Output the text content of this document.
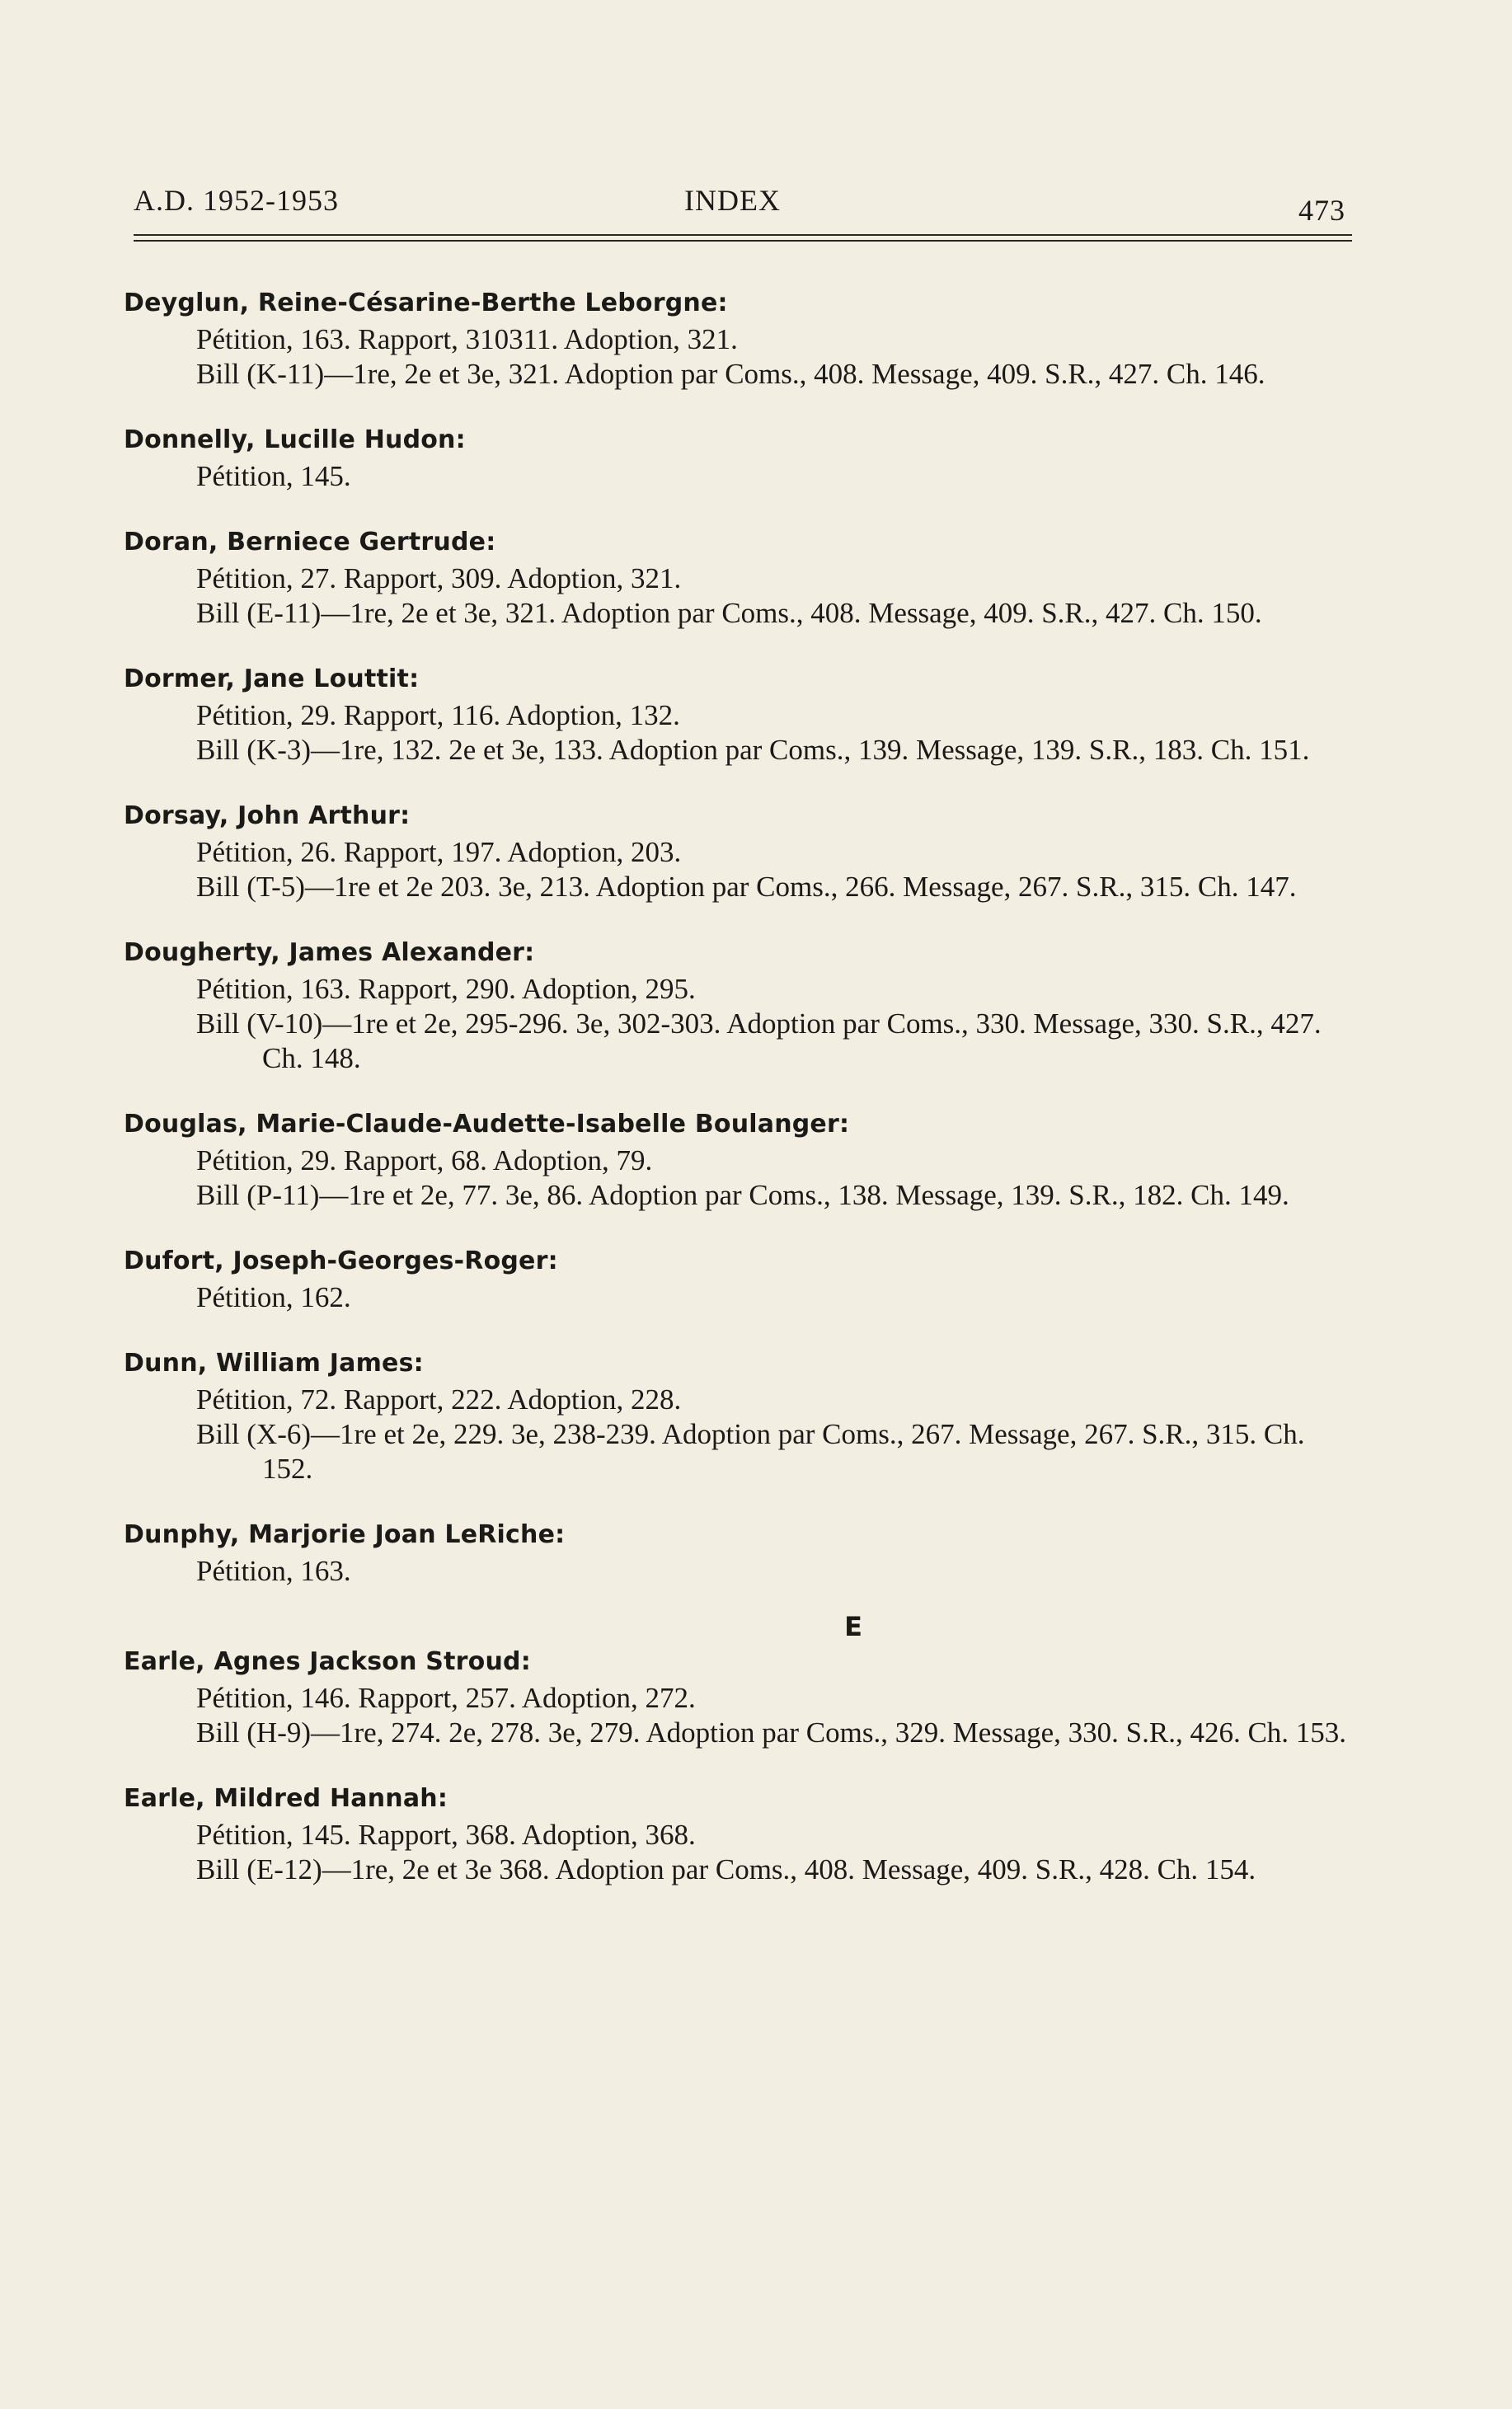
A.D. 1952-1953	INDEX	473
Deyglun, Reine-Césarine-Berthe Leborgne:
Pétition, 163. Rapport, 310311. Adoption, 321.
Bill (K-11)—1re, 2e et 3e, 321. Adoption par Coms., 408. Message, 409. S.R., 427. Ch. 146.
Donnelly, Lucille Hudon:
Pétition, 145.
Doran, Berniece Gertrude:
Pétition, 27. Rapport, 309. Adoption, 321.
Bill (E-11)—1re, 2e et 3e, 321. Adoption par Coms., 408. Message, 409. S.R., 427. Ch. 150.
Dormer, Jane Louttit:
Pétition, 29. Rapport, 116. Adoption, 132.
Bill (K-3)—1re, 132. 2e et 3e, 133. Adoption par Coms., 139. Message, 139. S.R., 183. Ch. 151.
Dorsay, John Arthur:
Pétition, 26. Rapport, 197. Adoption, 203.
Bill (T-5)—1re et 2e 203. 3e, 213. Adoption par Coms., 266. Message, 267. S.R., 315. Ch. 147.
Dougherty, James Alexander:
Pétition, 163. Rapport, 290. Adoption, 295.
Bill (V-10)—1re et 2e, 295-296. 3e, 302-303. Adoption par Coms., 330. Message, 330. S.R., 427. Ch. 148.
Douglas, Marie-Claude-Audette-Isabelle Boulanger:
Pétition, 29. Rapport, 68. Adoption, 79.
Bill (P-11)—1re et 2e, 77. 3e, 86. Adoption par Coms., 138. Message, 139. S.R., 182. Ch. 149.
Dufort, Joseph-Georges-Roger:
Pétition, 162.
Dunn, William James:
Pétition, 72. Rapport, 222. Adoption, 228.
Bill (X-6)—1re et 2e, 229. 3e, 238-239. Adoption par Coms., 267. Message, 267. S.R., 315. Ch. 152.
Dunphy, Marjorie Joan LeRiche:
Pétition, 163.
E
Earle, Agnes Jackson Stroud:
Pétition, 146. Rapport, 257. Adoption, 272.
Bill (H-9)—1re, 274. 2e, 278. 3e, 279. Adoption par Coms., 329. Message, 330. S.R., 426. Ch. 153.
Earle, Mildred Hannah:
Pétition, 145. Rapport, 368. Adoption, 368.
Bill (E-12)—1re, 2e et 3e 368. Adoption par Coms., 408. Message, 409. S.R., 428. Ch. 154.
